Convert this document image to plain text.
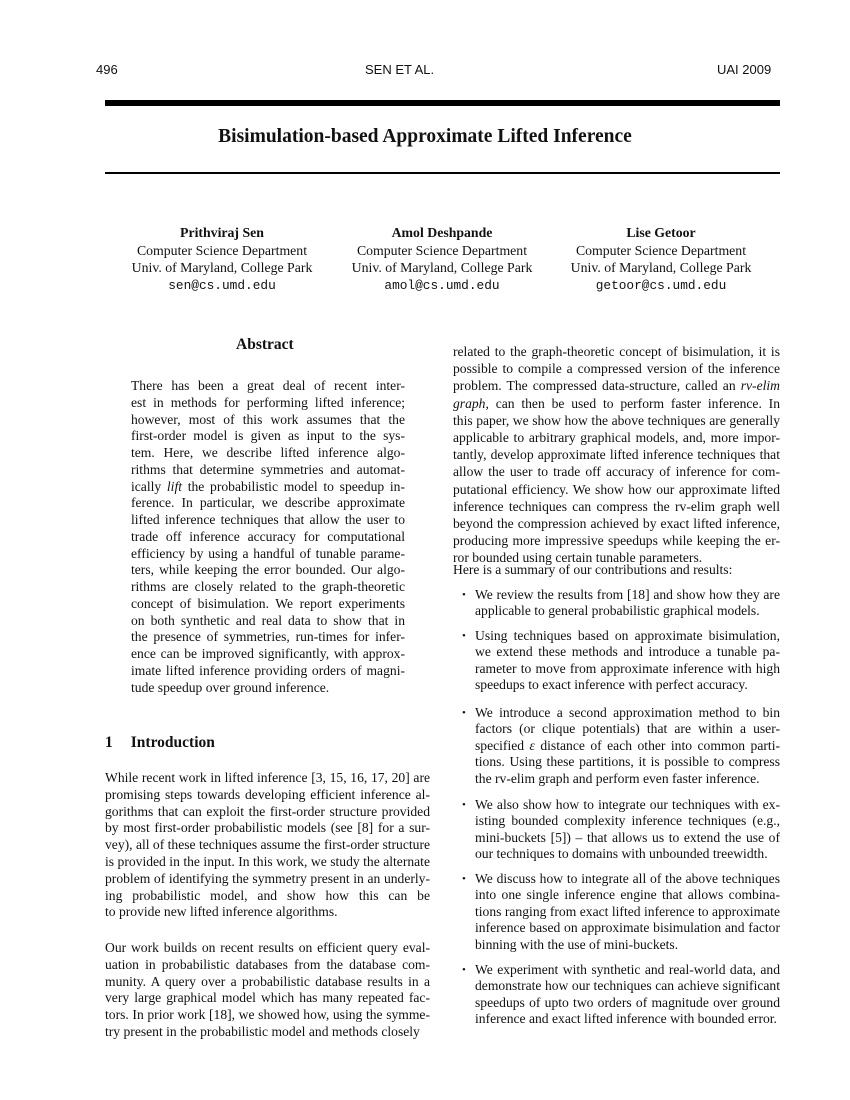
496	SEN ET AL.	UAI 2009
Bisimulation-based Approximate Lifted Inference
Prithviraj Sen
Computer Science Department
Univ. of Maryland, College Park
sen@cs.umd.edu
Amol Deshpande
Computer Science Department
Univ. of Maryland, College Park
amol@cs.umd.edu
Lise Getoor
Computer Science Department
Univ. of Maryland, College Park
getoor@cs.umd.edu
Abstract
There has been a great deal of recent inter-
est in methods for performing lifted inference;
however, most of this work assumes that the
first-order model is given as input to the sys-
tem. Here, we describe lifted inference algo-
rithms that determine symmetries and automat-
ically lift the probabilistic model to speedup in-
ference. In particular, we describe approximate
lifted inference techniques that allow the user to
trade off inference accuracy for computational
efficiency by using a handful of tunable parame-
ters, while keeping the error bounded. Our algo-
rithms are closely related to the graph-theoretic
concept of bisimulation. We report experiments
on both synthetic and real data to show that in
the presence of symmetries, run-times for infer-
ence can be improved significantly, with approx-
imate lifted inference providing orders of magni-
tude speedup over ground inference.
1 Introduction
While recent work in lifted inference [3, 15, 16, 17, 20] are
promising steps towards developing efficient inference al-
gorithms that can exploit the first-order structure provided
by most first-order probabilistic models (see [8] for a sur-
vey), all of these techniques assume the first-order structure
is provided in the input. In this work, we study the alternate
problem of identifying the symmetry present in an underly-
ing probabilistic model, and show how this can be
to provide new lifted inference algorithms.
Our work builds on recent results on efficient query eval-
uation in probabilistic databases from the database com-
munity. A query over a probabilistic database results in a
very large graphical model which has many repeated fac-
tors. In prior work [18], we showed how, using the symme-
try present in the probabilistic model and methods closely
related to the graph-theoretic concept of bisimulation, it is
possible to compile a compressed version of the inference
problem. The compressed data-structure, called an rv-elim
graph, can then be used to perform faster inference. In
this paper, we show how the above techniques are generally
applicable to arbitrary graphical models, and, more impor-
tantly, develop approximate lifted inference techniques that
allow the user to trade off accuracy of inference for com-
putational efficiency. We show how our approximate lifted
inference techniques can compress the rv-elim graph well
beyond the compression achieved by exact lifted inference,
producing more impressive speedups while keeping the er-
ror bounded using certain tunable parameters.
Here is a summary of our contributions and results:
• We review the results from [18] and show how they are
applicable to general probabilistic graphical models.
• Using techniques based on approximate bisimulation,
we extend these methods and introduce a tunable pa-
rameter to move from approximate inference with high
speedups to exact inference with perfect accuracy.
• We introduce a second approximation method to bin
factors (or clique potentials) that are within a user-
specified ε distance of each other into common parti-
tions. Using these partitions, it is possible to compress
the rv-elim graph and perform even faster inference.
• We also show how to integrate our techniques with ex-
isting bounded complexity inference techniques (e.g.,
mini-buckets [5]) – that allows us to extend the use of
our techniques to domains with unbounded treewidth.
• We discuss how to integrate all of the above techniques
into one single inference engine that allows combina-
tions ranging from exact lifted inference to approximate
inference based on approximate bisimulation and factor
binning with the use of mini-buckets.
• We experiment with synthetic and real-world data, and
demonstrate how our techniques can achieve significant
speedups of upto two orders of magnitude over ground
inference and exact lifted inference with bounded error.
